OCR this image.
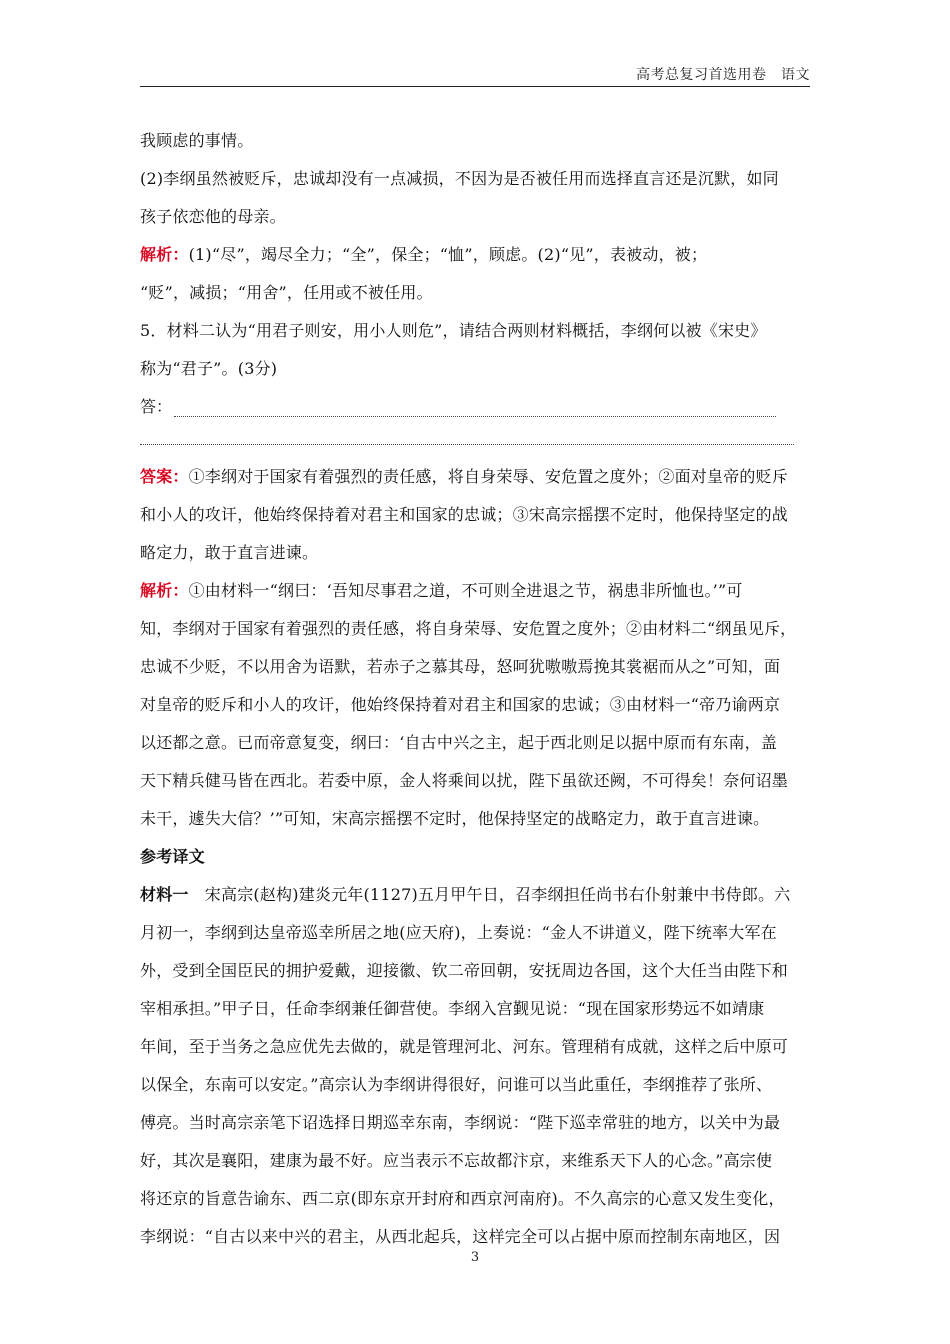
高考总复习首选用卷　语文

我顾虑的事情。

(2)李纲虽然被贬斥，忠诚却没有一点减损，不因为是否被任用而选择直言还是沉默，如同

孩子依恋他的母亲。

解析：(1)“尽”，竭尽全力；“全”，保全；“恤”，顾虑。(2)“见”，表被动，被；

“贬”，减损；“用舍”，任用或不被任用。

5．材料二认为“用君子则安，用小人则危”，请结合两则材料概括，李纲何以被《宋史》

称为“君子”。(3分)

答：

答案：①李纲对于国家有着强烈的责任感，将自身荣辱、安危置之度外；②面对皇帝的贬斥

和小人的攻讦，他始终保持着对君主和国家的忠诚；③宋高宗摇摆不定时，他保持坚定的战

略定力，敢于直言进谏。

解析：①由材料一“纲曰：‘吾知尽事君之道，不可则全进退之节，祸患非所恤也。’”可

知，李纲对于国家有着强烈的责任感，将自身荣辱、安危置之度外；②由材料二“纲虽见斥，

忠诚不少贬，不以用舍为语默，若赤子之慕其母，怒呵犹嗷嗷焉挽其裳裾而从之”可知，面

对皇帝的贬斥和小人的攻讦，他始终保持着对君主和国家的忠诚；③由材料一“帝乃谕两京

以还都之意。已而帝意复变，纲曰：‘自古中兴之主，起于西北则足以据中原而有东南，盖

天下精兵健马皆在西北。若委中原，金人将乘间以扰，陛下虽欲还阙，不可得矣！奈何诏墨

未干，遽失大信？’”可知，宋高宗摇摆不定时，他保持坚定的战略定力，敢于直言进谏。

参考译文

材料一　宋高宗(赵构)建炎元年(1127)五月甲午日，召李纲担任尚书右仆射兼中书侍郎。六

月初一，李纲到达皇帝巡幸所居之地(应天府)，上奏说：“金人不讲道义，陛下统率大军在

外，受到全国臣民的拥护爱戴，迎接徽、钦二帝回朝，安抚周边各国，这个大任当由陛下和

宰相承担。”甲子日，任命李纲兼任御营使。李纲入宫觐见说：“现在国家形势远不如靖康

年间，至于当务之急应优先去做的，就是管理河北、河东。管理稍有成就，这样之后中原可

以保全，东南可以安定。”高宗认为李纲讲得很好，问谁可以当此重任，李纲推荐了张所、

傅亮。当时高宗亲笔下诏选择日期巡幸东南，李纲说：“陛下巡幸常驻的地方，以关中为最

好，其次是襄阳，建康为最不好。应当表示不忘故都汴京，来维系天下人的心念。”高宗使

将还京的旨意告谕东、西二京(即东京开封府和西京河南府)。不久高宗的心意又发生变化，

李纲说：“自古以来中兴的君主，从西北起兵，这样完全可以占据中原而控制东南地区，因

3
